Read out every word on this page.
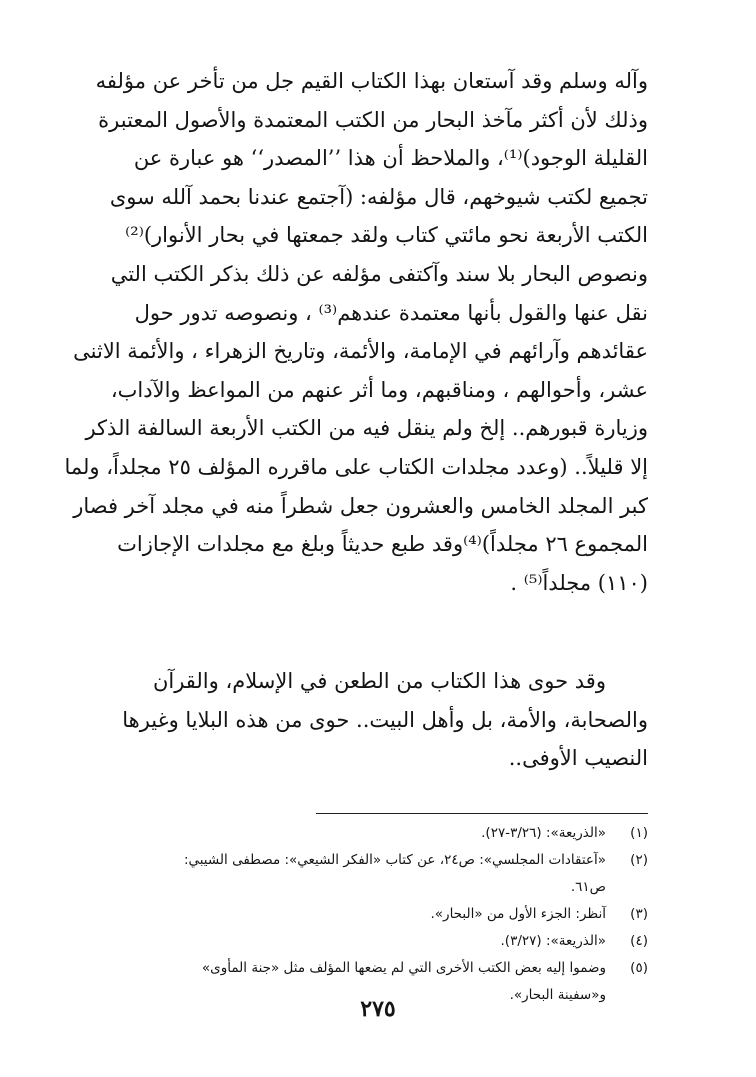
وآله وسلم وقد آستعان بهذا الكتاب القيم جل من تأخر عن مؤلفه
وذلك لأن أكثر مآخذ البحار من الكتب المعتمدة والأصول المعتبرة
القليلة الوجود)⁽¹⁾، والملاحظ أن هذا ’’المصدر‘‘ هو عبارة عن
تجميع لكتب شيوخهم، قال مؤلفه: (آجتمع عندنا بحمد آلله سوى
الكتب الأربعة نحو مائتي كتاب ولقد جمعتها في بحار الأنوار)⁽²⁾
ونصوص البحار بلا سند وآكتفى مؤلفه عن ذلك بذكر الكتب التي
نقل عنها والقول بأنها معتمدة عندهم⁽³⁾ ، ونصوصه تدور حول
عقائدهم وآرائهم في الإمامة، والأئمة، وتاريخ الزهراء ، والأئمة الاثنى
عشر، وأحوالهم ، ومناقبهم، وما أثر عنهم من المواعظ والآداب،
وزيارة قبورهم.. إلخ ولم ينقل فيه من الكتب الأربعة السالفة الذكر
إلا قليلاً.. (وعدد مجلدات الكتاب على ماقرره المؤلف ٢٥ مجلداً، ولما
كبر المجلد الخامس والعشرون جعل شطراً منه في مجلد آخر فصار
المجموع ٢٦ مجلداً)⁽⁴⁾وقد طبع حديثاً وبلغ مع مجلدات الإجازات
(١١٠) مجلداً⁽⁵⁾ .
وقد حوى هذا الكتاب من الطعن في الإسلام، والقرآن
والصحابة، والأمة، بل وأهل البيت.. حوى من هذه البلايا وغيرها
النصيب الأوفى..
(١)
«الذريعة»: (٣/٢٦-٢٧).
(٢)
«آعتقادات المجلسي»: ص٢٤، عن كتاب «الفكر الشيعي»: مصطفى الشيبي:
ص٦١.
(٣)
آنظر: الجزء الأول من «البحار».
(٤)
«الذريعة»: (٣/٢٧).
(٥)
وضموا إليه بعض الكتب الأخرى التي لم يضعها المؤلف مثل «جنة المأوى»
و«سفينة البحار».
٢٧٥
